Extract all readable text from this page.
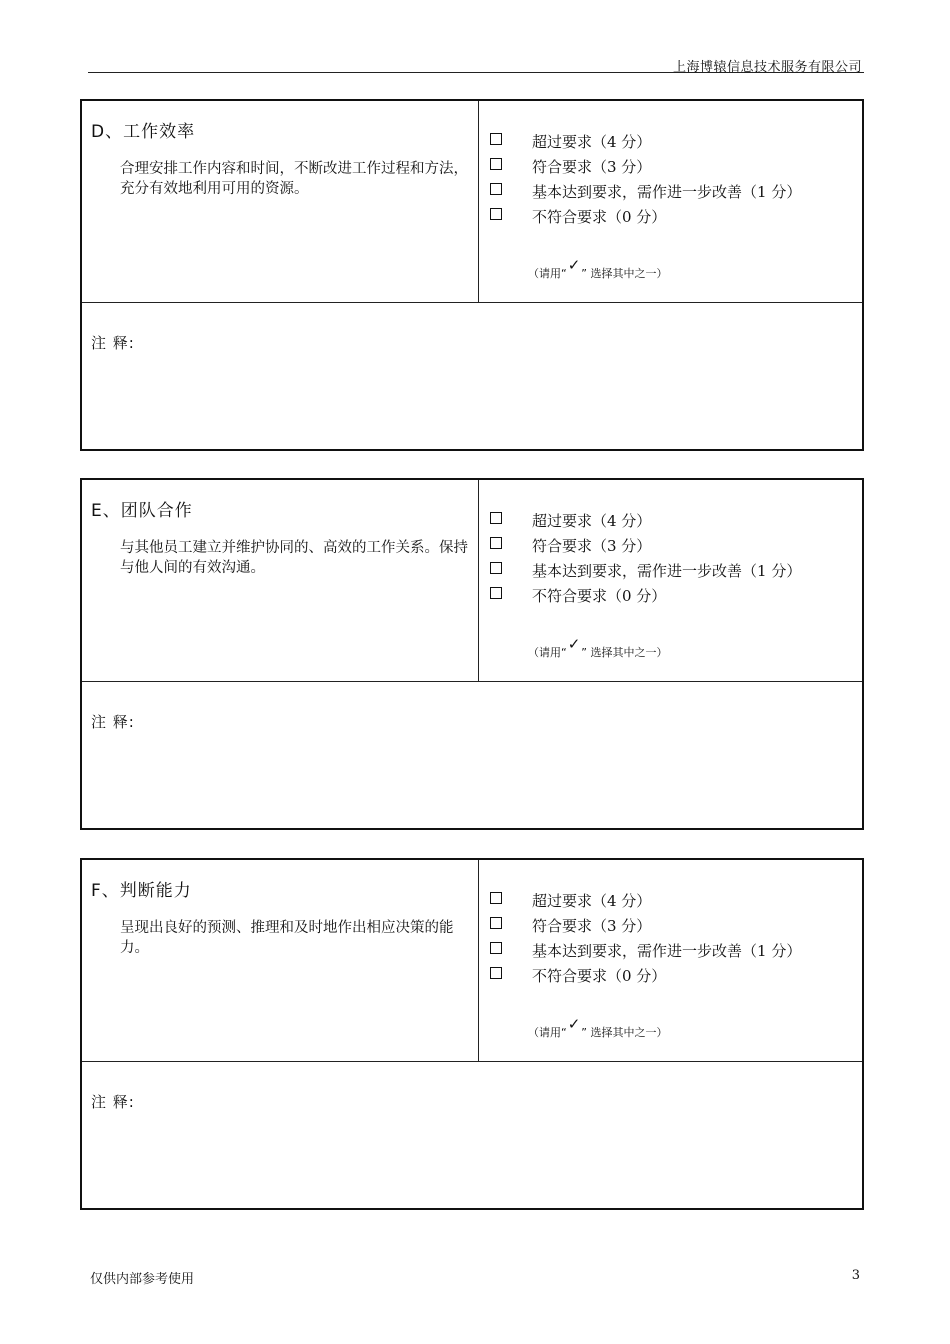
上海博辕信息技术服务有限公司
D、工作效率
合理安排工作内容和时间，不断改进工作过程和方法，充分有效地利用可用的资源。
超过要求（4 分）
符合要求（3 分）
基本达到要求，需作进一步改善（1 分）
不符合要求（0 分）
（请用“✓” 选择其中之一）
注 释:
E、团队合作
与其他员工建立并维护协同的、高效的工作关系。保持与他人间的有效沟通。
超过要求（4 分）
符合要求（3 分）
基本达到要求，需作进一步改善（1 分）
不符合要求（0 分）
（请用“✓” 选择其中之一）
注 释:
F、判断能力
呈现出良好的预测、推理和及时地作出相应决策的能力。
超过要求（4 分）
符合要求（3 分）
基本达到要求，需作进一步改善（1 分）
不符合要求（0 分）
（请用“✓” 选择其中之一）
注 释:
仅供内部参考使用	3
